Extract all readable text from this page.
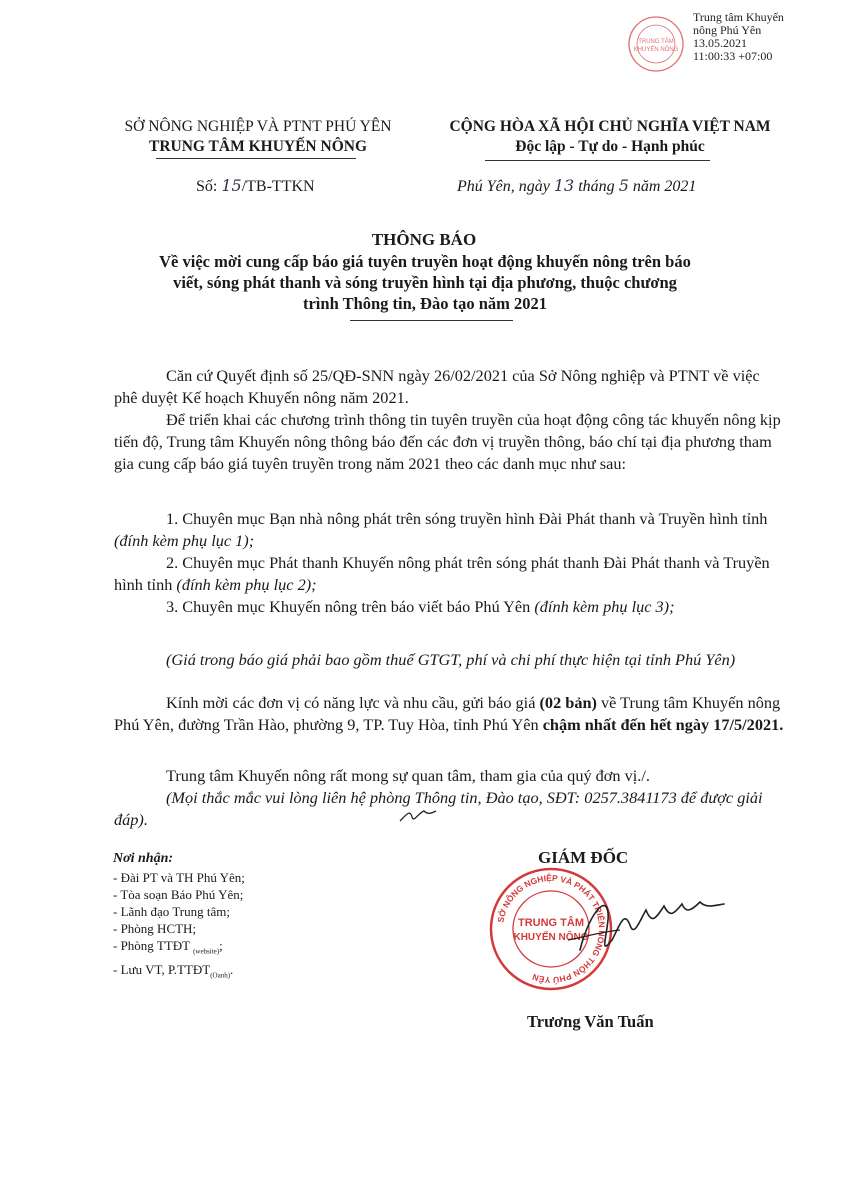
TRUNG TÂM
KHUYẾN NÔNG
Trung tâm Khuyến
nông Phú Yên
13.05.2021
11:00:33 +07:00
SỞ NÔNG NGHIỆP VÀ PTNT PHÚ YÊN
TRUNG TÂM KHUYẾN NÔNG
CỘNG HÒA XÃ HỘI CHỦ NGHĨA VIỆT NAM
Độc lập - Tự do - Hạnh phúc
Số: 15/TB-TTKN	Phú Yên, ngày 13 tháng 5 năm 2021
THÔNG BÁO
Về việc mời cung cấp báo giá tuyên truyền hoạt động khuyến nông trên báo
viết, sóng phát thanh và sóng truyền hình tại địa phương, thuộc chương
trình Thông tin, Đào tạo năm 2021
Căn cứ Quyết định số 25/QĐ-SNN ngày 26/02/2021 của Sở Nông nghiệp và PTNT về việc phê duyệt Kế hoạch Khuyến nông năm 2021.
Để triển khai các chương trình thông tin tuyên truyền của hoạt động công tác khuyến nông kịp tiến độ, Trung tâm Khuyến nông thông báo đến các đơn vị truyền thông, báo chí tại địa phương tham gia cung cấp báo giá tuyên truyền trong năm 2021 theo các danh mục như sau:
1. Chuyên mục Bạn nhà nông phát trên sóng truyền hình Đài Phát thanh và Truyền hình tỉnh (đính kèm phụ lục 1);
2. Chuyên mục Phát thanh Khuyến nông phát trên sóng phát thanh Đài Phát thanh và Truyền hình tỉnh (đính kèm phụ lục 2);
3. Chuyên mục Khuyến nông trên báo viết báo Phú Yên (đính kèm phụ lục 3);
(Giá trong báo giá phải bao gồm thuế GTGT, phí và chi phí thực hiện tại tỉnh Phú Yên)
Kính mời các đơn vị có năng lực và nhu cầu, gửi báo giá (02 bản) về Trung tâm Khuyến nông Phú Yên, đường Trần Hào, phường 9, TP. Tuy Hòa, tỉnh Phú Yên chậm nhất đến hết ngày 17/5/2021.
Trung tâm Khuyến nông rất mong sự quan tâm, tham gia của quý đơn vị./.
(Mọi thắc mắc vui lòng liên hệ phòng Thông tin, Đào tạo, SĐT: 0257.3841173 để được giải đáp).
Nơi nhận:
- Đài PT và TH Phú Yên;
- Tòa soạn Báo Phú Yên;
- Lãnh đạo Trung tâm;
- Phòng HCTH;
- Phòng TTĐT $_{(website)}$;
- Lưu VT, $P.TTĐT_{(Oanh)}$.
GIÁM ĐỐC
SỞ NÔNG NGHIỆP VÀ PHÁT TRIỂN NÔNG THÔN PHÚ YÊN
TRUNG TÂM
KHUYẾN NÔNG
Trương Văn Tuấn
